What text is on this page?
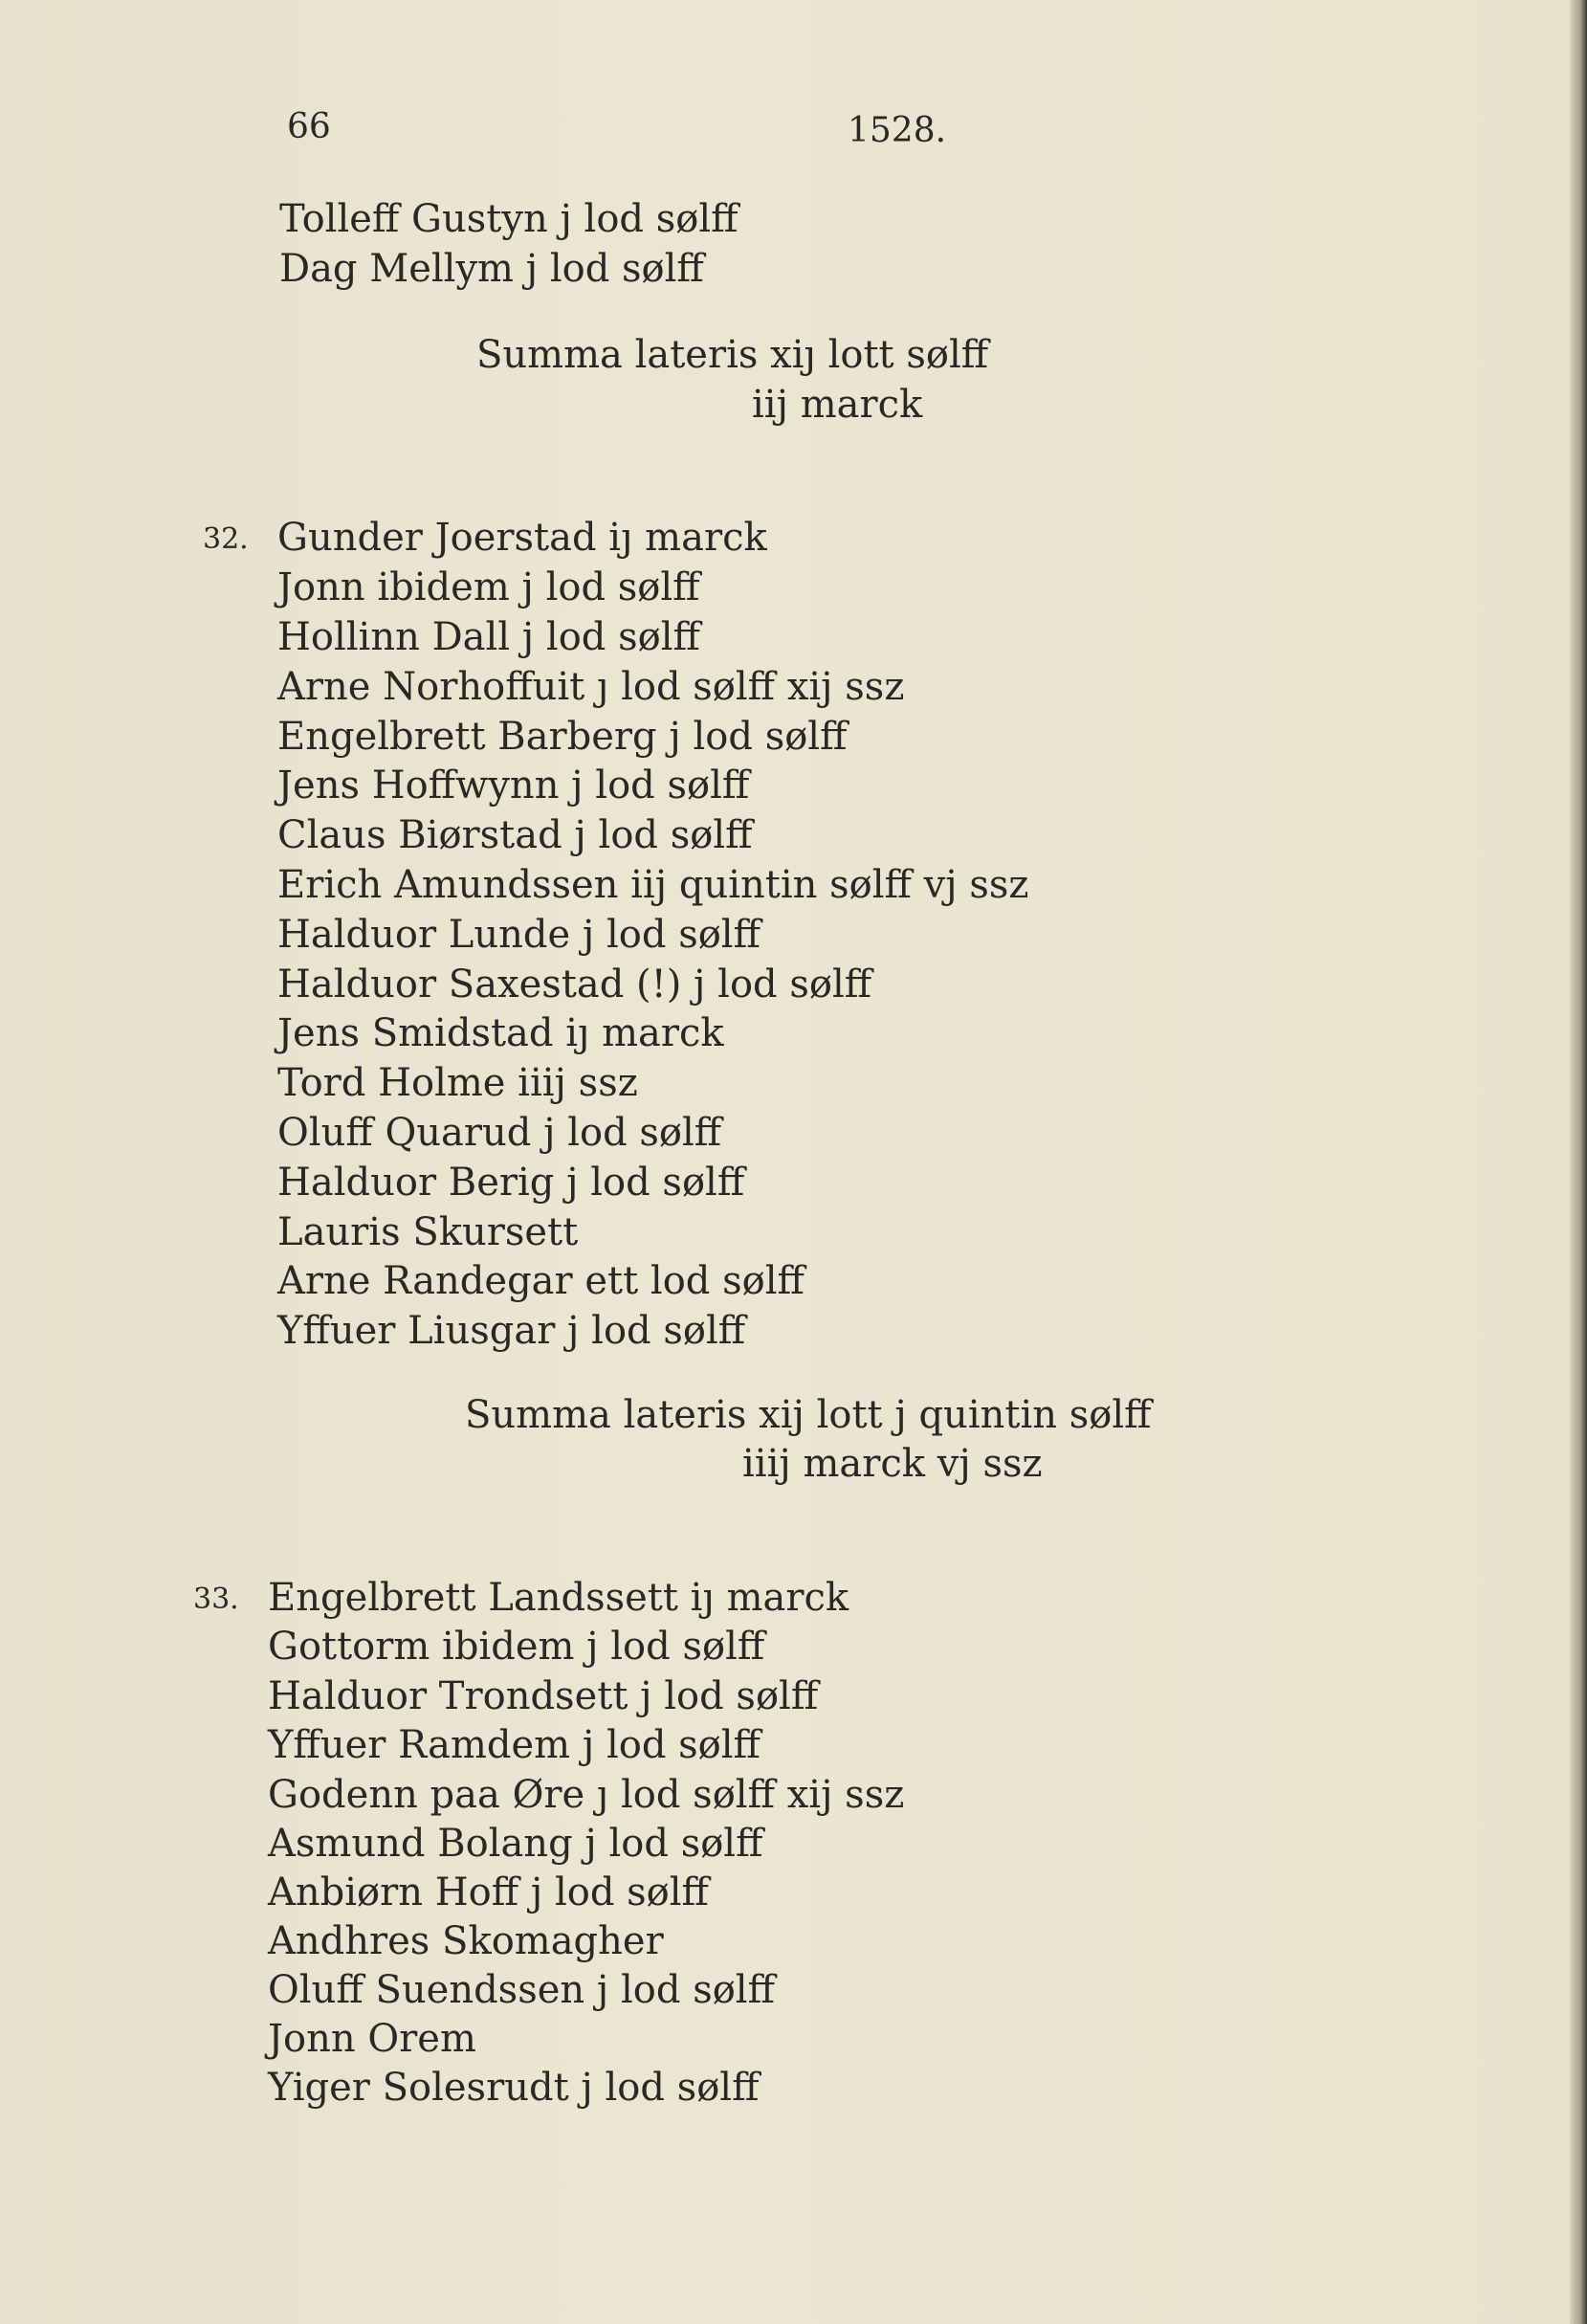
66	1528.
Tolleff Gustyn j lod sølff
Dag Mellym j lod sølff
Summa lateris xiȷ lott sølff
iij marck
32. Gunder Joerstad iȷ marck
Jonn ibidem j lod sølff
Hollinn Dall j lod sølff
Arne Norhoffuit ȷ lod sølff xij ssz
Engelbrett Barberg j lod sølff
Jens Hoffwynn j lod sølff
Claus Biørstad j lod sølff
Erich Amundssen iij quintin sølff vj ssz
Halduor Lunde j lod sølff
Halduor Saxestad (!) j lod sølff
Jens Smidstad iȷ marck
Tord Holme iiij ssz
Oluff Quarud j lod sølff
Halduor Berig j lod sølff
Lauris Skursett
Arne Randegar ett lod sølff
Yffuer Liusgar j lod sølff
Summa lateris xij lott j quintin sølff
iiij marck vj ssz
33. Engelbrett Landssett iȷ marck
Gottorm ibidem j lod sølff
Halduor Trondsett j lod sølff
Yffuer Ramdem j lod sølff
Godenn paa Øre ȷ lod sølff xij ssz
Asmund Bolang j lod sølff
Anbiørn Hoff j lod sølff
Andhres Skomagher
Oluff Suendssen j lod sølff
Jonn Orem
Yiger Solesrudt j lod sølff
